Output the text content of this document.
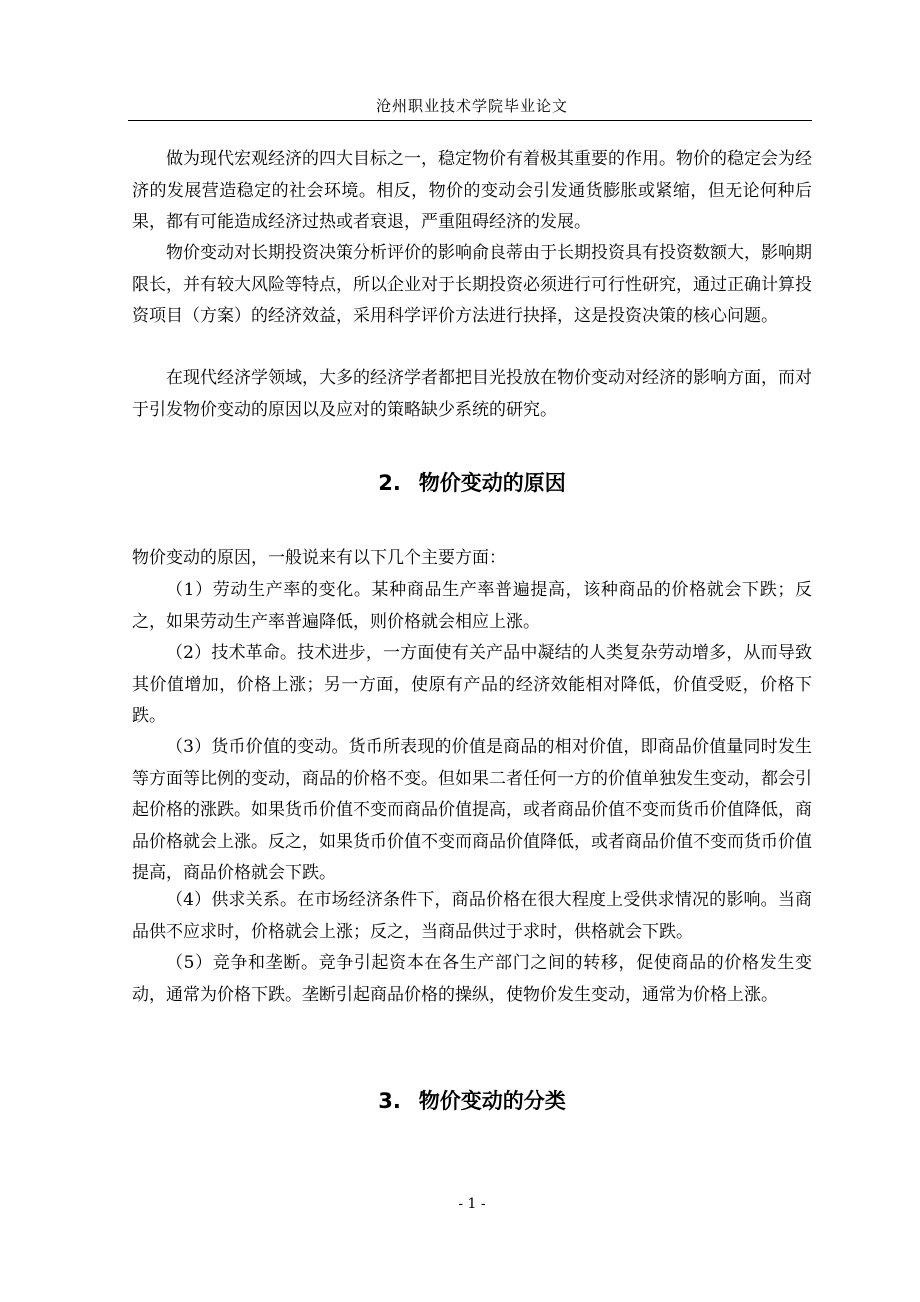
沧州职业技术学院毕业论文

做为现代宏观经济的四大目标之一，稳定物价有着极其重要的作用。物价的稳定会为经济的发展营造稳定的社会环境。相反，物价的变动会引发通货膨胀或紧缩，但无论何种后果，都有可能造成经济过热或者衰退，严重阻碍经济的发展。

物价变动对长期投资决策分析评价的影响俞良蒂由于长期投资具有投资数额大，影响期限长，并有较大风险等特点，所以企业对于长期投资必须进行可行性研究，通过正确计算投资项目（方案）的经济效益，采用科学评价方法进行抉择，这是投资决策的核心问题。

在现代经济学领域，大多的经济学者都把目光投放在物价变动对经济的影响方面，而对于引发物价变动的原因以及应对的策略缺少系统的研究。

2. 物价变动的原因

物价变动的原因，一般说来有以下几个主要方面：

（1）劳动生产率的变化。某种商品生产率普遍提高，该种商品的价格就会下跌；反之，如果劳动生产率普遍降低，则价格就会相应上涨。

（2）技术革命。技术进步，一方面使有关产品中凝结的人类复杂劳动增多，从而导致其价值增加，价格上涨；另一方面，使原有产品的经济效能相对降低，价值受贬，价格下跌。

（3）货币价值的变动。货币所表现的价值是商品的相对价值，即商品价值量同时发生等方面等比例的变动，商品的价格不变。但如果二者任何一方的价值单独发生变动，都会引起价格的涨跌。如果货币价值不变而商品价值提高，或者商品价值不变而货币价值降低，商品价格就会上涨。反之，如果货币价值不变而商品价值降低，或者商品价值不变而货币价值提高，商品价格就会下跌。

（4）供求关系。在市场经济条件下，商品价格在很大程度上受供求情况的影响。当商品供不应求时，价格就会上涨；反之，当商品供过于求时，供格就会下跌。

（5）竞争和垄断。竞争引起资本在各生产部门之间的转移，促使商品的价格发生变动，通常为价格下跌。垄断引起商品价格的操纵，使物价发生变动，通常为价格上涨。

3. 物价变动的分类
- 1 -
